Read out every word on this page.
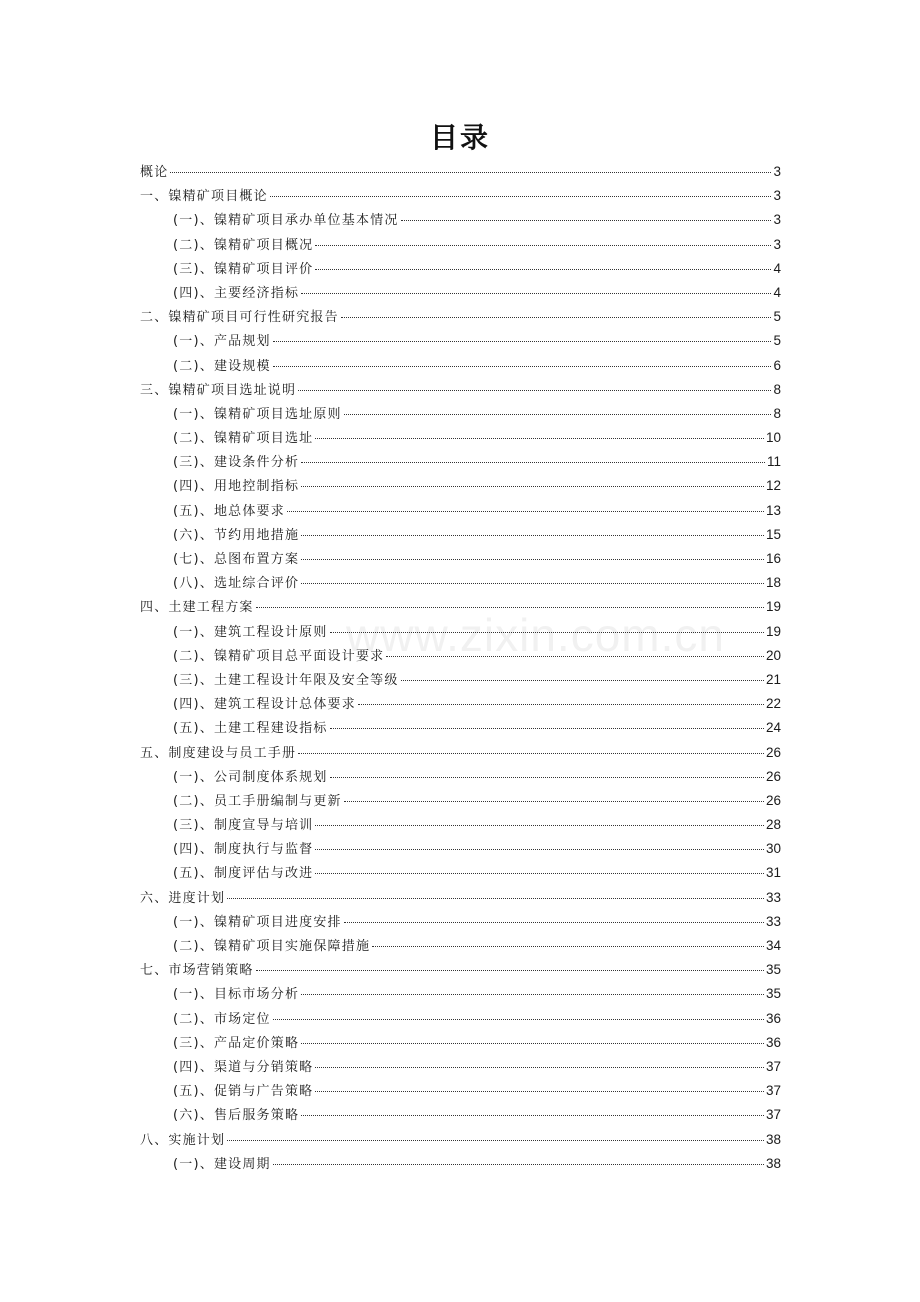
目录
www.zixin.com.cn
概论	3
一、镍精矿项目概论	3
(一)、镍精矿项目承办单位基本情况	3
(二)、镍精矿项目概况	3
(三)、镍精矿项目评价	4
(四)、主要经济指标	4
二、镍精矿项目可行性研究报告	5
(一)、产品规划	5
(二)、建设规模	6
三、镍精矿项目选址说明	8
(一)、镍精矿项目选址原则	8
(二)、镍精矿项目选址	10
(三)、建设条件分析	11
(四)、用地控制指标	12
(五)、地总体要求	13
(六)、节约用地措施	15
(七)、总图布置方案	16
(八)、选址综合评价	18
四、土建工程方案	19
(一)、建筑工程设计原则	19
(二)、镍精矿项目总平面设计要求	20
(三)、土建工程设计年限及安全等级	21
(四)、建筑工程设计总体要求	22
(五)、土建工程建设指标	24
五、制度建设与员工手册	26
(一)、公司制度体系规划	26
(二)、员工手册编制与更新	26
(三)、制度宣导与培训	28
(四)、制度执行与监督	30
(五)、制度评估与改进	31
六、进度计划	33
(一)、镍精矿项目进度安排	33
(二)、镍精矿项目实施保障措施	34
七、市场营销策略	35
(一)、目标市场分析	35
(二)、市场定位	36
(三)、产品定价策略	36
(四)、渠道与分销策略	37
(五)、促销与广告策略	37
(六)、售后服务策略	37
八、实施计划	38
(一)、建设周期	38
